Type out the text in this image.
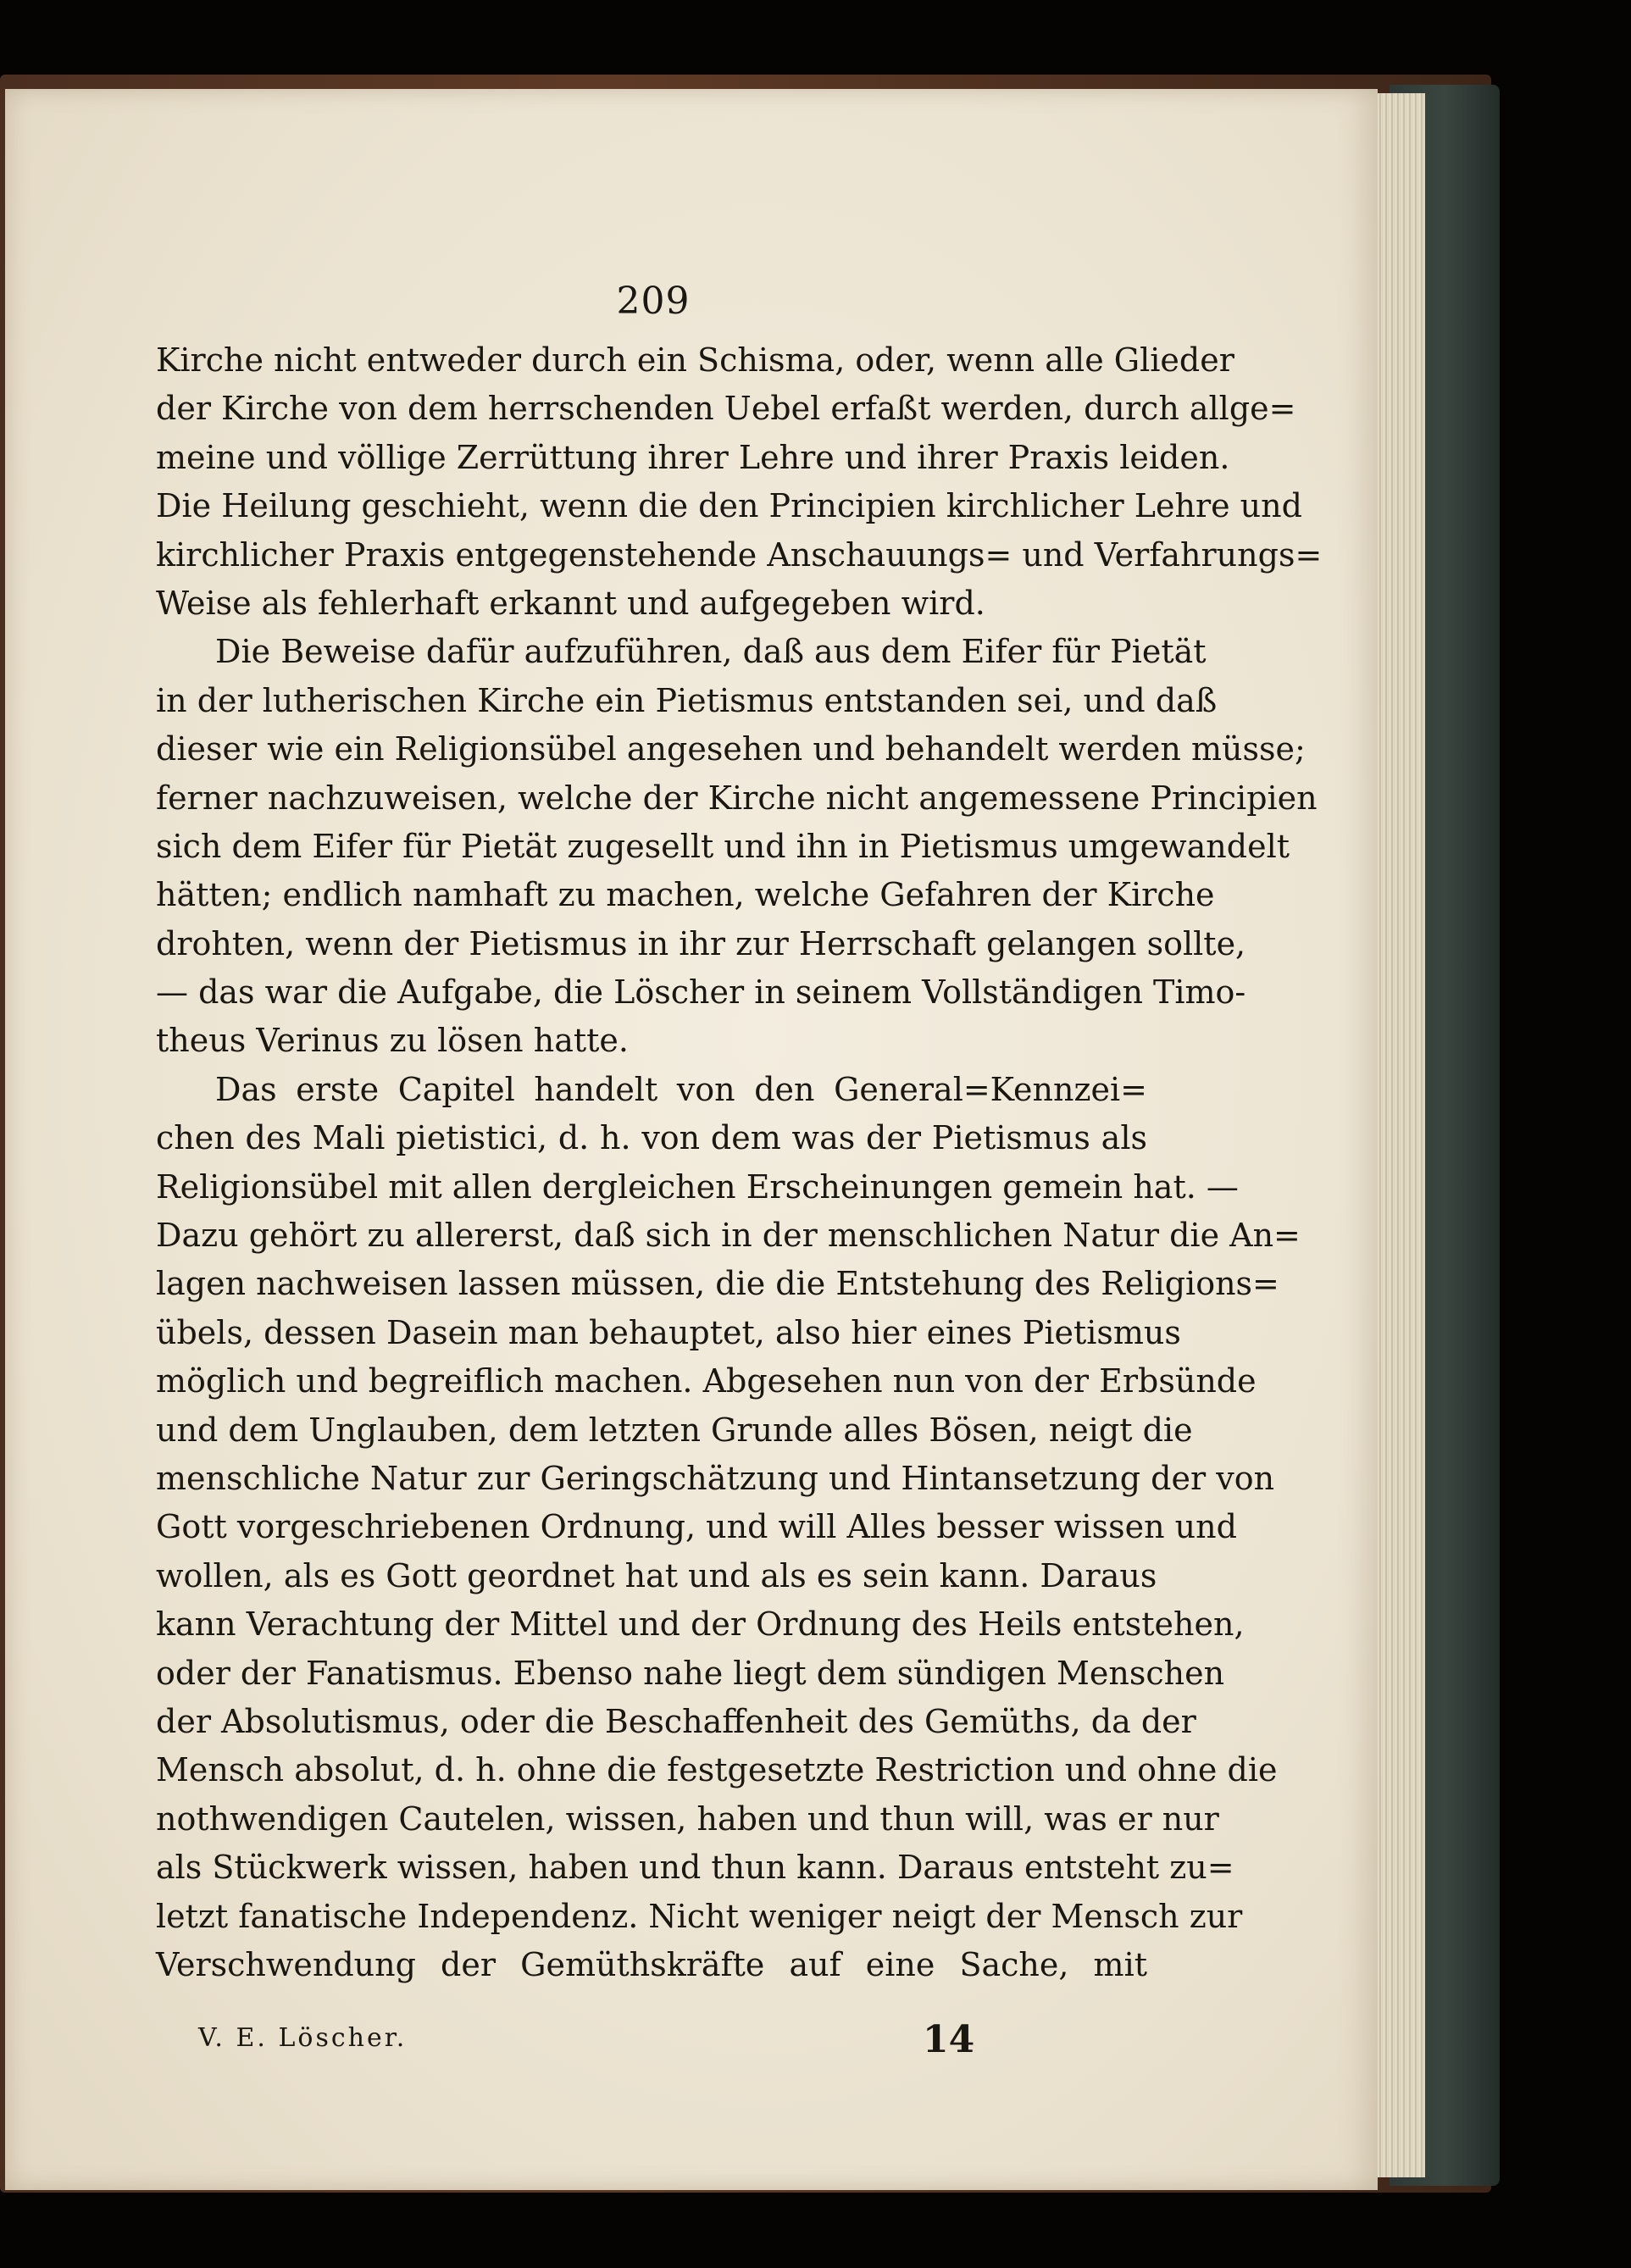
209
Kirche nicht entweder durch ein Schisma, oder, wenn alle Glieder
der Kirche von dem herrschenden Uebel erfaßt werden, durch allge=
meine und völlige Zerrüttung ihrer Lehre und ihrer Praxis leiden.
Die Heilung geschieht, wenn die den Principien kirchlicher Lehre und
kirchlicher Praxis entgegenstehende Anschauungs= und Verfahrungs=
Weise als fehlerhaft erkannt und aufgegeben wird.
Die Beweise dafür aufzuführen, daß aus dem Eifer für Pietät
in der lutherischen Kirche ein Pietismus entstanden sei, und daß
dieser wie ein Religionsübel angesehen und behandelt werden müsse;
ferner nachzuweisen, welche der Kirche nicht angemessene Principien
sich dem Eifer für Pietät zugesellt und ihn in Pietismus umgewandelt
hätten; endlich namhaft zu machen, welche Gefahren der Kirche
drohten, wenn der Pietismus in ihr zur Herrschaft gelangen sollte,
— das war die Aufgabe, die Löscher in seinem Vollständigen Timo-
theus Verinus zu lösen hatte.
Das erste Capitel handelt von den General=Kennzei=
chen des Mali pietistici, d. h. von dem was der Pietismus als
Religionsübel mit allen dergleichen Erscheinungen gemein hat. —
Dazu gehört zu allererst, daß sich in der menschlichen Natur die An=
lagen nachweisen lassen müssen, die die Entstehung des Religions=
übels, dessen Dasein man behauptet, also hier eines Pietismus
möglich und begreiflich machen. Abgesehen nun von der Erbsünde
und dem Unglauben, dem letzten Grunde alles Bösen, neigt die
menschliche Natur zur Geringschätzung und Hintansetzung der von
Gott vorgeschriebenen Ordnung, und will Alles besser wissen und
wollen, als es Gott geordnet hat und als es sein kann. Daraus
kann Verachtung der Mittel und der Ordnung des Heils entstehen,
oder der Fanatismus. Ebenso nahe liegt dem sündigen Menschen
der Absolutismus, oder die Beschaffenheit des Gemüths, da der
Mensch absolut, d. h. ohne die festgesetzte Restriction und ohne die
nothwendigen Cautelen, wissen, haben und thun will, was er nur
als Stückwerk wissen, haben und thun kann. Daraus entsteht zu=
letzt fanatische Independenz. Nicht weniger neigt der Mensch zur
Verschwendung der Gemüthskräfte auf eine Sache, mit
V. E. Löscher.	14
